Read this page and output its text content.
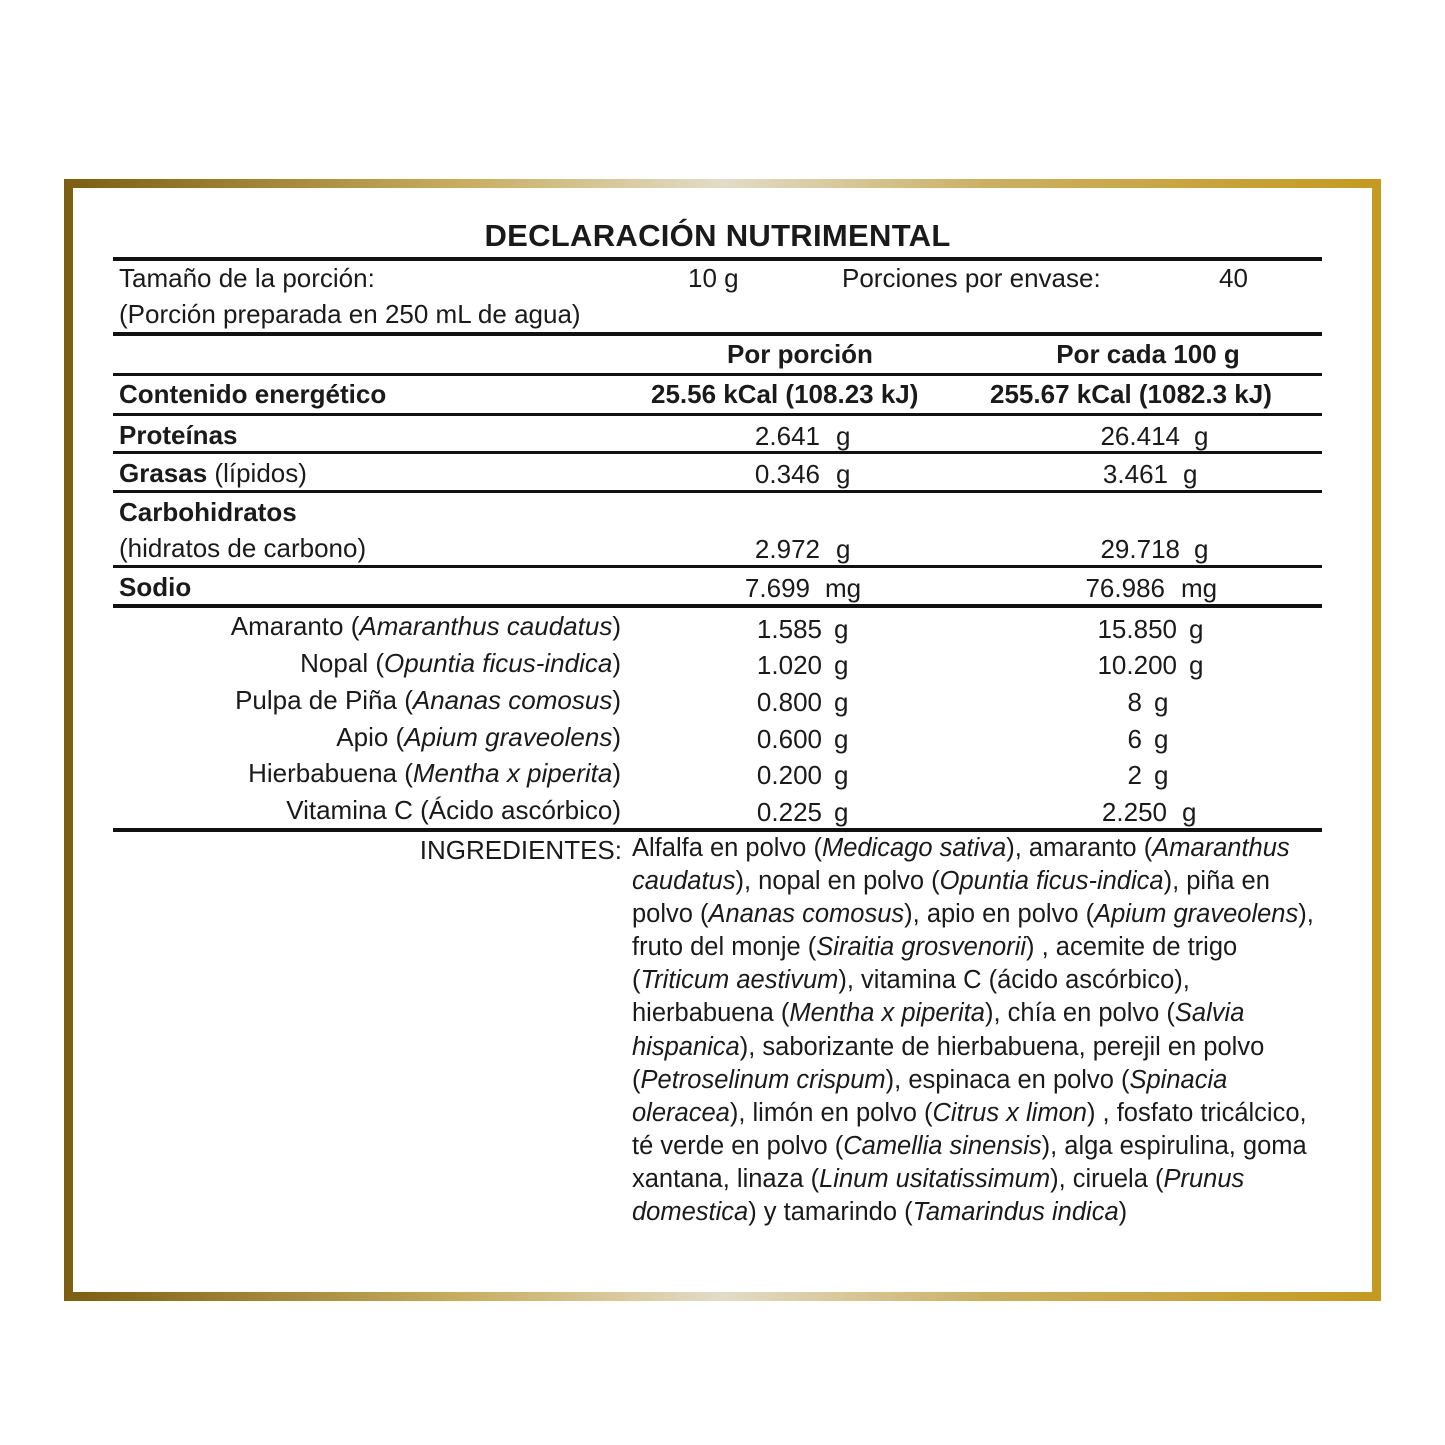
DECLARACIÓN NUTRIMENTAL
Tamaño de la porción:	10 g	Porciones por envase:	40
(Porción preparada en 250 mL de agua)
Por porción	Por cada 100 g
Contenido energético	25.56 kCal (108.23 kJ)	255.67 kCal (1082.3 kJ)
Proteínas	2.641 g	26.414 g
Grasas (lípidos)	0.346 g	3.461 g
Carbohidratos
(hidratos de carbono)	2.972 g	29.718 g
Sodio	7.699 mg	76.986 mg
Amaranto (Amaranthus caudatus)	1.585 g	15.850 g
Nopal (Opuntia ficus-indica)	1.020 g	10.200 g
Pulpa de Piña (Ananas comosus)	0.800 g	8 g
Apio (Apium graveolens)	0.600 g	6 g
Hierbabuena (Mentha x piperita)	0.200 g	2 g
Vitamina C (Ácido ascórbico)	0.225 g	2.250 g
INGREDIENTES: Alfalfa en polvo (Medicago sativa), amaranto (Amaranthus caudatus), nopal en polvo (Opuntia ficus-indica), piña en polvo (Ananas comosus), apio en polvo (Apium graveolens), fruto del monje (Siraitia grosvenorii) , acemite de trigo (Triticum aestivum), vitamina C (ácido ascórbico), hierbabuena (Mentha x piperita), chía en polvo (Salvia hispanica), saborizante de hierbabuena, perejil en polvo (Petroselinum crispum), espinaca en polvo (Spinacia oleracea), limón en polvo (Citrus x limon) , fosfato tricálcico, té verde en polvo (Camellia sinensis), alga espirulina, goma xantana, linaza (Linum usitatissimum), ciruela (Prunus domestica) y tamarindo (Tamarindus indica)
